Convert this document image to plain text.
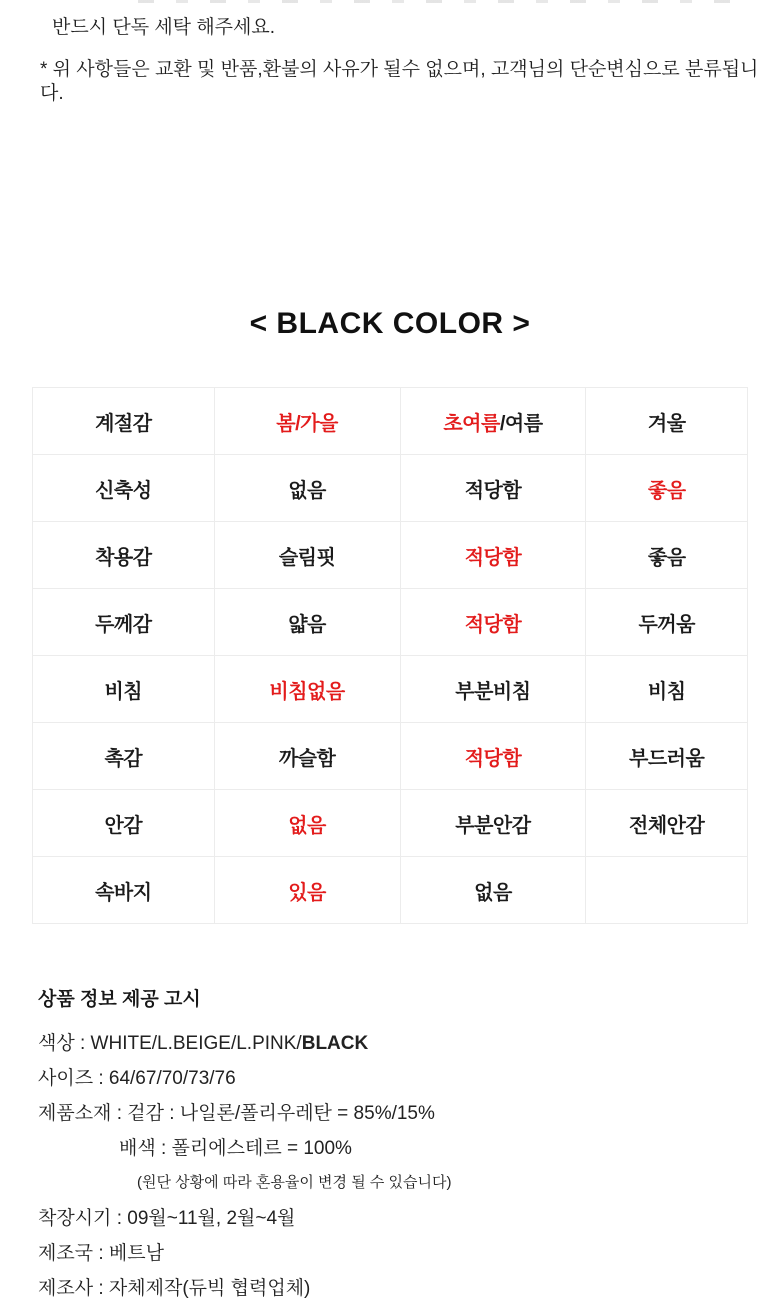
반드시 단독 세탁 해주세요.

* 위 사항들은 교환 및 반품,환불의 사유가 될수 없으며, 고객님의 단순변심으로 분류됩니다.

< BLACK COLOR >
계절감	봄/가을	초여름/여름	겨울
신축성	없음	적당함	좋음
착용감	슬림핏	적당함	좋음
두께감	얇음	적당함	두꺼움
비침	비침없음	부분비침	비침
촉감	까슬함	적당함	부드러움
안감	없음	부분안감	전체안감
속바지	있음	없음	
상품 정보 제공 고시
색상 : WHITE/L.BEIGE/L.PINK/BLACK
사이즈 : 64/67/70/73/76
제품소재 : 겉감 : 나일론/폴리우레탄 = 85%/15%
배색 : 폴리에스테르 = 100%
(원단 상황에 따라 혼용율이 변경 될 수 있습니다)
착장시기 : 09월~11월, 2월~4월
제조국 : 베트남
제조사 : 자체제작(듀빅 협력업체)
